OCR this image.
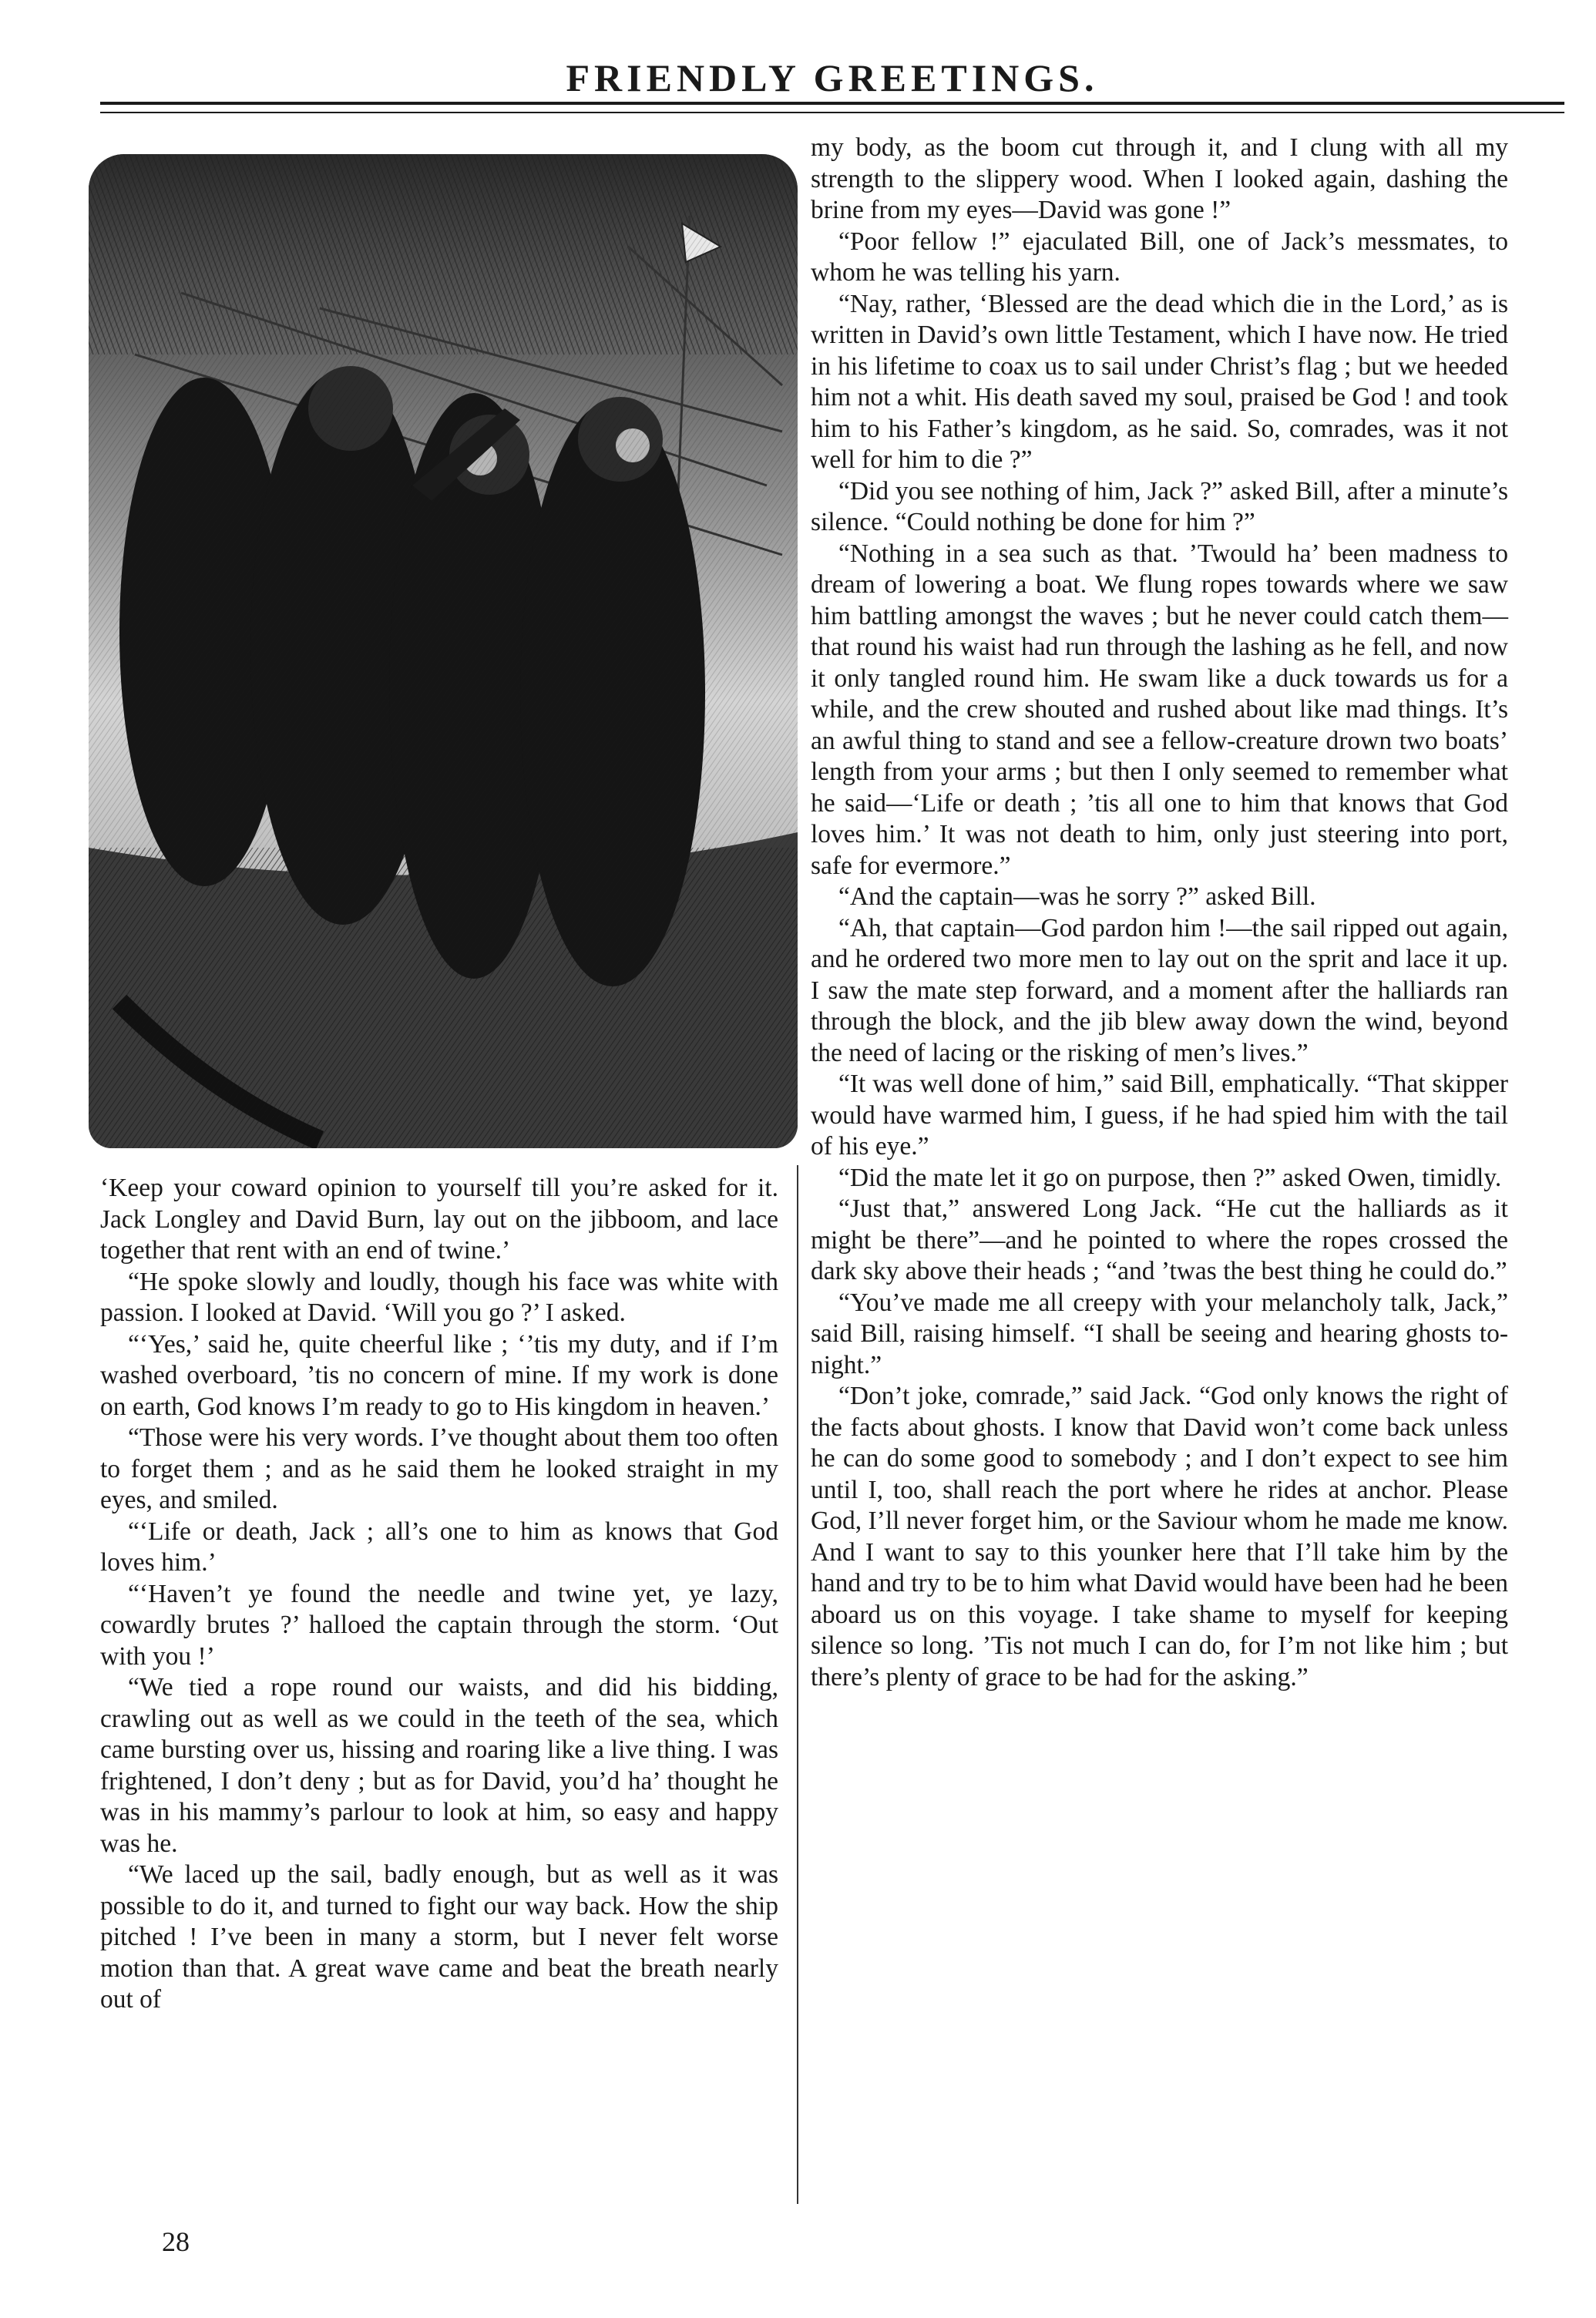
FRIENDLY GREETINGS.

‘Keep your coward opinion to yourself till you’re asked for it. Jack Longley and David Burn, lay out on the jibboom, and lace together that rent with an end of twine.’

“He spoke slowly and loudly, though his face was white with passion. I looked at David. ‘Will you go ?’ I asked.

“‘Yes,’ said he, quite cheerful like ; ‘’tis my duty, and if I’m washed overboard, ’tis no concern of mine. If my work is done on earth, God knows I’m ready to go to His kingdom in heaven.’

“Those were his very words. I’ve thought about them too often to forget them ; and as he said them he looked straight in my eyes, and smiled.

“‘Life or death, Jack ; all’s one to him as knows that God loves him.’

“‘Haven’t ye found the needle and twine yet, ye lazy, cowardly brutes ?’ halloed the captain through the storm. ‘Out with you !’

“We tied a rope round our waists, and did his bidding, crawling out as well as we could in the teeth of the sea, which came bursting over us, hissing and roaring like a live thing. I was frightened, I don’t deny ; but as for David, you’d ha’ thought he was in his mammy’s parlour to look at him, so easy and happy was he.

“We laced up the sail, badly enough, but as well as it was possible to do it, and turned to fight our way back. How the ship pitched ! I’ve been in many a storm, but I never felt worse motion than that. A great wave came and beat the breath nearly out of

my body, as the boom cut through it, and I clung with all my strength to the slippery wood. When I looked again, dashing the brine from my eyes—David was gone !”

“Poor fellow !” ejaculated Bill, one of Jack’s messmates, to whom he was telling his yarn.

“Nay, rather, ‘Blessed are the dead which die in the Lord,’ as is written in David’s own little Testament, which I have now. He tried in his lifetime to coax us to sail under Christ’s flag ; but we heeded him not a whit. His death saved my soul, praised be God ! and took him to his Father’s kingdom, as he said. So, comrades, was it not well for him to die ?”

“Did you see nothing of him, Jack ?” asked Bill, after a minute’s silence. “Could nothing be done for him ?”

“Nothing in a sea such as that. ’Twould ha’ been madness to dream of lowering a boat. We flung ropes towards where we saw him battling amongst the waves ; but he never could catch them—that round his waist had run through the lashing as he fell, and now it only tangled round him. He swam like a duck towards us for a while, and the crew shouted and rushed about like mad things. It’s an awful thing to stand and see a fellow-creature drown two boats’ length from your arms ; but then I only seemed to remember what he said—‘Life or death ; ’tis all one to him that knows that God loves him.’ It was not death to him, only just steering into port, safe for evermore.”

“And the captain—was he sorry ?” asked Bill.

“Ah, that captain—God pardon him !—the sail ripped out again, and he ordered two more men to lay out on the sprit and lace it up. I saw the mate step forward, and a moment after the halliards ran through the block, and the jib blew away down the wind, beyond the need of lacing or the risking of men’s lives.”

“It was well done of him,” said Bill, emphatically. “That skipper would have warmed him, I guess, if he had spied him with the tail of his eye.”

“Did the mate let it go on purpose, then ?” asked Owen, timidly.

“Just that,” answered Long Jack. “He cut the halliards as it might be there”—and he pointed to where the ropes crossed the dark sky above their heads ; “and ’twas the best thing he could do.”

“You’ve made me all creepy with your melancholy talk, Jack,” said Bill, raising himself. “I shall be seeing and hearing ghosts to-night.”

“Don’t joke, comrade,” said Jack. “God only knows the right of the facts about ghosts. I know that David won’t come back unless he can do some good to somebody ; and I don’t expect to see him until I, too, shall reach the port where he rides at anchor. Please God, I’ll never forget him, or the Saviour whom he made me know. And I want to say to this younker here that I’ll take him by the hand and try to be to him what David would have been had he been aboard us on this voyage. I take shame to myself for keeping silence so long. ’Tis not much I can do, for I’m not like him ; but there’s plenty of grace to be had for the asking.”

28
